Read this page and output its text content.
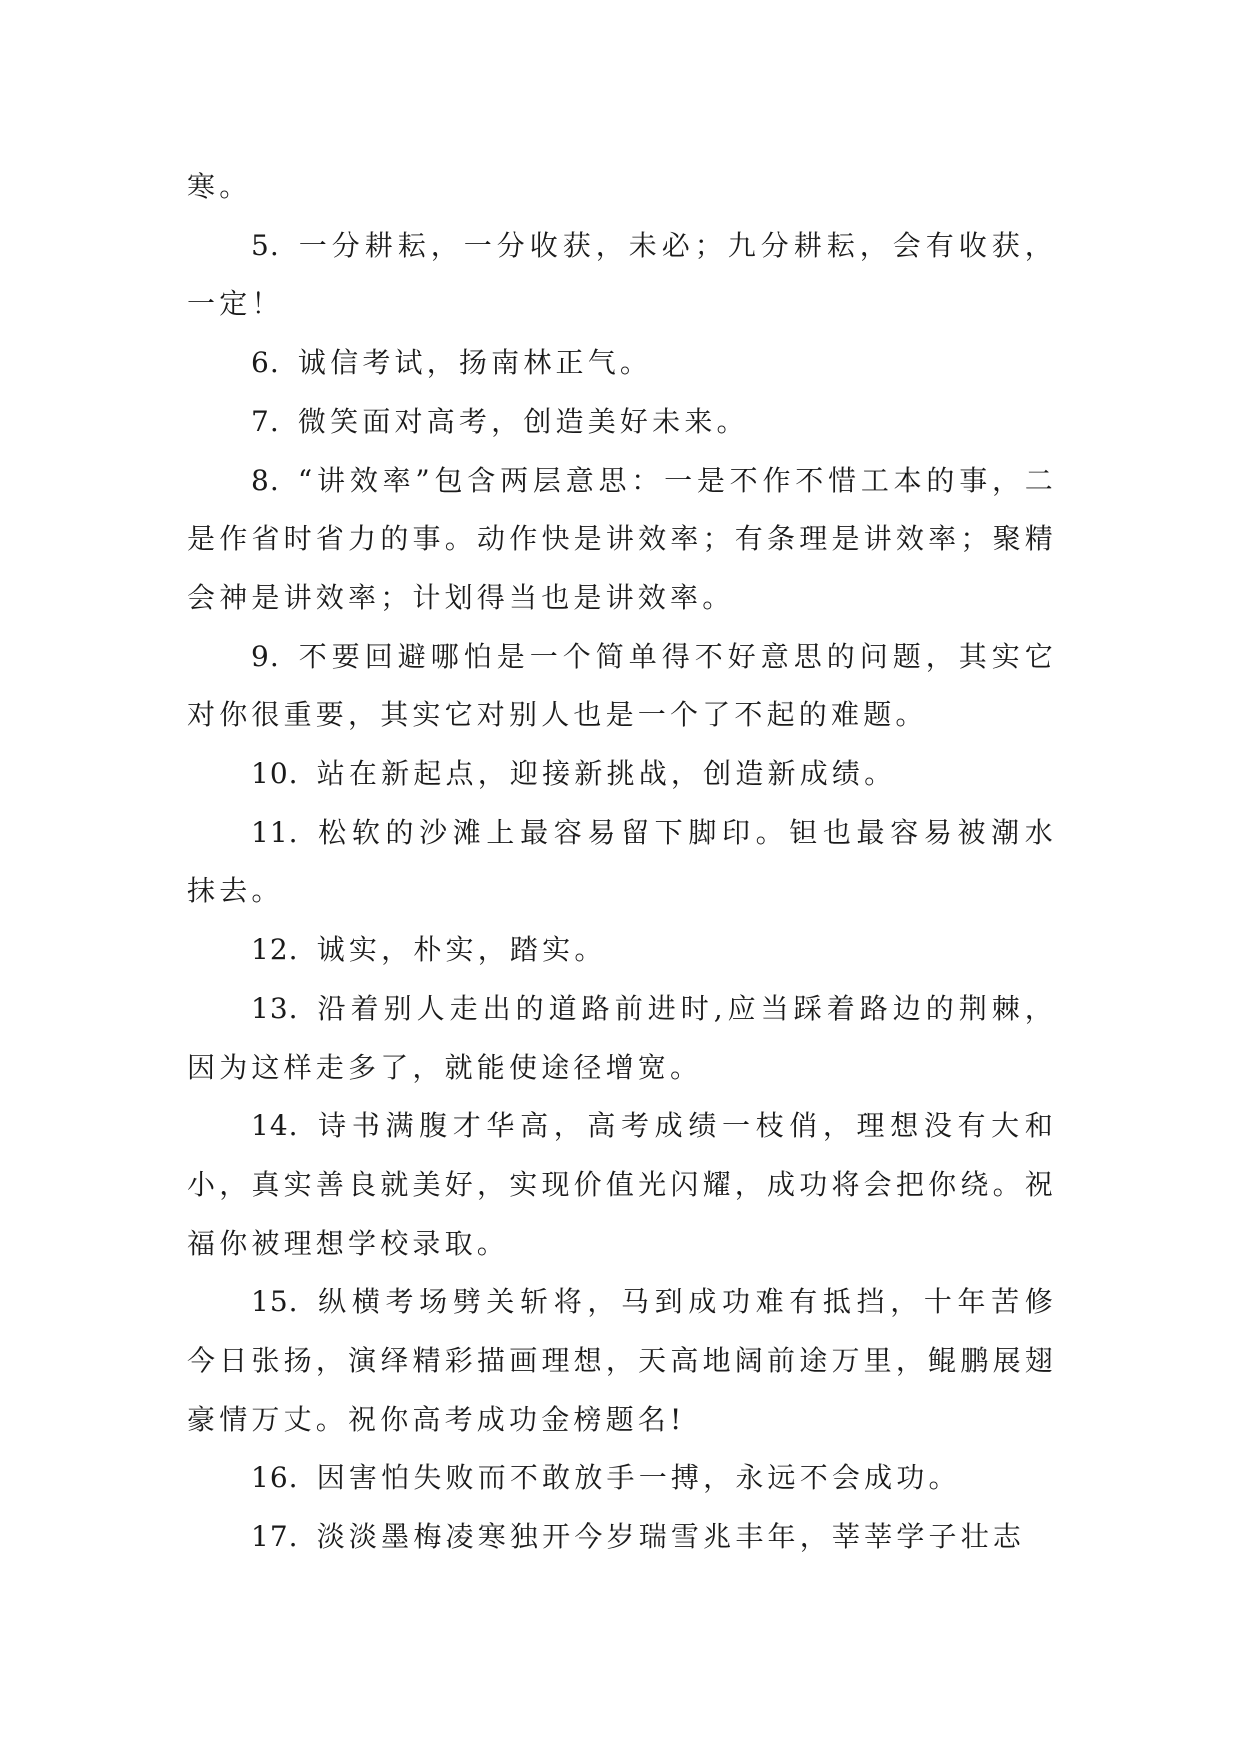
寒。

5.  一分耕耘，一分收获，未必；九分耕耘，会有收获，一定！

6.  诚信考试，扬南林正气。

7.  微笑面对高考，创造美好未来。

8.  “讲效率”包含两层意思：一是不作不惜工本的事，二是作省时省力的事。动作快是讲效率；有条理是讲效率；聚精会神是讲效率；计划得当也是讲效率。

9.  不要回避哪怕是一个简单得不好意思的问题，其实它对你很重要，其实它对别人也是一个了不起的难题。

10.  站在新起点，迎接新挑战，创造新成绩。

11.  松软的沙滩上最容易留下脚印。钽也最容易被潮水抹去。

12.  诚实，朴实，踏实。

13.  沿着别人走出的道路前进时,应当踩着路边的荆棘，因为这样走多了，就能使途径增宽。

14.  诗书满腹才华高，高考成绩一枝俏，理想没有大和小，真实善良就美好，实现价值光闪耀，成功将会把你绕。祝福你被理想学校录取。

15.  纵横考场劈关斩将，马到成功难有抵挡，十年苦修今日张扬，演绎精彩描画理想，天高地阔前途万里，鲲鹏展翅豪情万丈。祝你高考成功金榜题名!

16.  因害怕失败而不敢放手一搏，永远不会成功。

17.  淡淡墨梅凌寒独开今岁瑞雪兆丰年，莘莘学子壮志
